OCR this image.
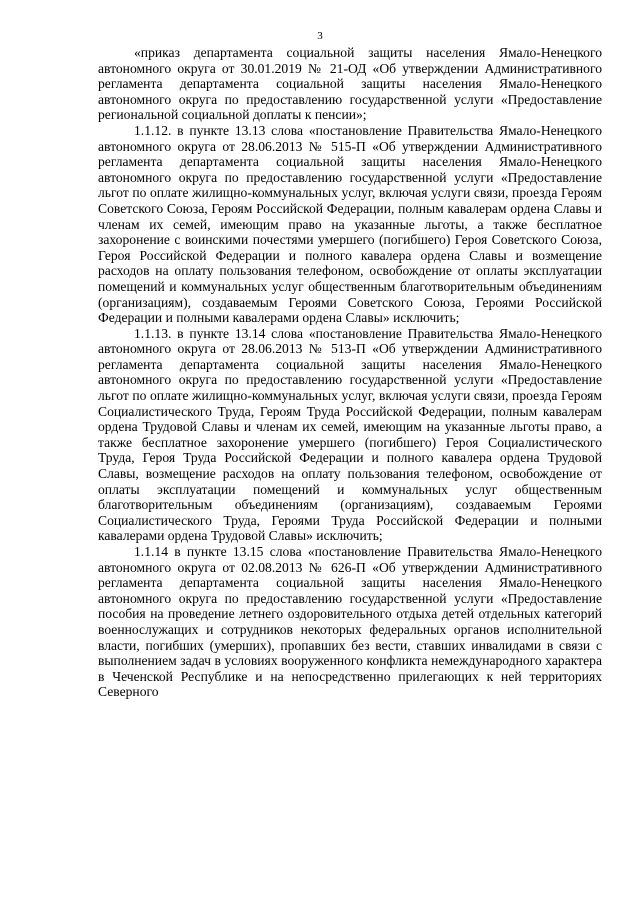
3

«приказ департамента социальной защиты населения Ямало-Ненецкого автономного округа от 30.01.2019 № 21-ОД «Об утверждении Административного регламента департамента социальной защиты населения Ямало-Ненецкого автономного округа по предоставлению государственной услуги «Предоставление региональной социальной доплаты к пенсии»;

1.1.12. в пункте 13.13 слова «постановление Правительства Ямало-Ненецкого автономного округа от 28.06.2013 № 515-П «Об утверждении Административного регламента департамента социальной защиты населения Ямало-Ненецкого автономного округа по предоставлению государственной услуги «Предоставление льгот по оплате жилищно-коммунальных услуг, включая услуги связи, проезда Героям Советского Союза, Героям Российской Федерации, полным кавалерам ордена Славы и членам их семей, имеющим право на указанные льготы, а также бесплатное захоронение с воинскими почестями умершего (погибшего) Героя Советского Союза, Героя Российской Федерации и полного кавалера ордена Славы и возмещение расходов на оплату пользования телефоном, освобождение от оплаты эксплуатации помещений и коммунальных услуг общественным благотворительным объединениям (организациям), создаваемым Героями Советского Союза, Героями Российской Федерации и полными кавалерами ордена Славы» исключить;

1.1.13. в пункте 13.14 слова «постановление Правительства Ямало-Ненецкого автономного округа от 28.06.2013 № 513-П «Об утверждении Административного регламента департамента социальной защиты населения Ямало-Ненецкого автономного округа по предоставлению государственной услуги «Предоставление льгот по оплате жилищно-коммунальных услуг, включая услуги связи, проезда Героям Социалистического Труда, Героям Труда Российской Федерации, полным кавалерам ордена Трудовой Славы и членам их семей, имеющим на указанные льготы право, а также бесплатное захоронение умершего (погибшего) Героя Социалистического Труда, Героя Труда Российской Федерации и полного кавалера ордена Трудовой Славы, возмещение расходов на оплату пользования телефоном, освобождение от оплаты эксплуатации помещений и коммунальных услуг общественным благотворительным объединениям (организациям), создаваемым Героями Социалистического Труда, Героями Труда Российской Федерации и полными кавалерами ордена Трудовой Славы» исключить;

1.1.14 в пункте 13.15 слова «постановление Правительства Ямало-Ненецкого автономного округа от 02.08.2013 № 626-П «Об утверждении Административного регламента департамента социальной защиты населения Ямало-Ненецкого автономного округа по предоставлению государственной услуги «Предоставление пособия на проведение летнего оздоровительного отдыха детей отдельных категорий военнослужащих и сотрудников некоторых федеральных органов исполнительной власти, погибших (умерших), пропавших без вести, ставших инвалидами в связи с выполнением задач в условиях вооруженного конфликта немеждународного характера в Чеченской Республике и на непосредственно прилегающих к ней территориях Северного
